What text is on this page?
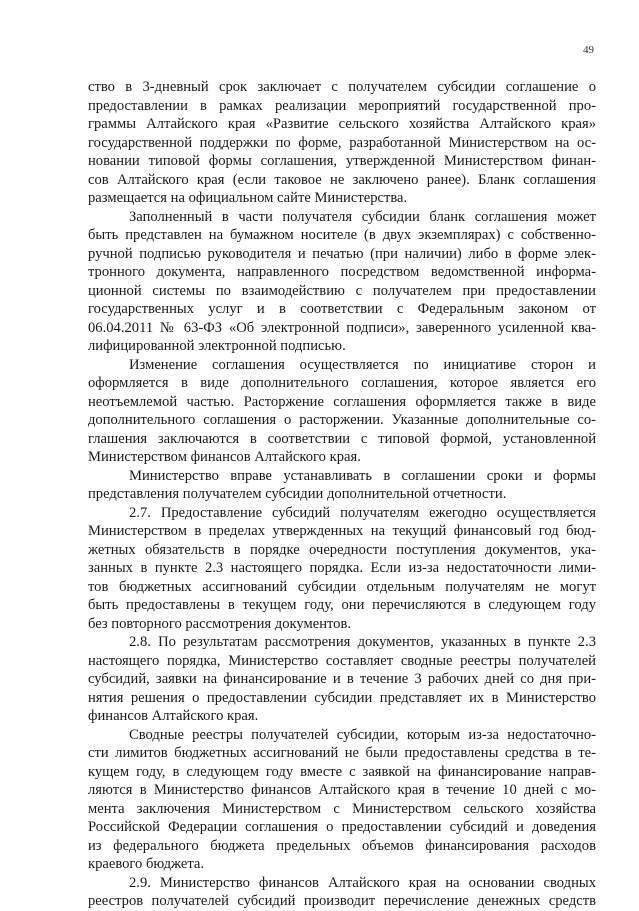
49
ство в 3-дневный срок заключает с получателем субсидии соглашение о
предоставлении в рамках реализации мероприятий государственной про-
граммы Алтайского края «Развитие сельского хозяйства Алтайского края»
государственной поддержки по форме, разработанной Министерством на ос-
новании типовой формы соглашения, утвержденной Министерством финан-
сов Алтайского края (если таковое не заключено ранее). Бланк соглашения
размещается на официальном сайте Министерства.
Заполненный в части получателя субсидии бланк соглашения может
быть представлен на бумажном носителе (в двух экземплярах) с собственно-
ручной подписью руководителя и печатью (при наличии) либо в форме элек-
тронного документа, направленного посредством ведомственной информа-
ционной системы по взаимодействию с получателем при предоставлении
государственных услуг и в соответствии с Федеральным законом от
06.04.2011 № 63-ФЗ «Об электронной подписи», заверенного усиленной ква-
лифицированной электронной подписью.
Изменение соглашения осуществляется по инициативе сторон и
оформляется в виде дополнительного соглашения, которое является его
неотъемлемой частью. Расторжение соглашения оформляется также в виде
дополнительного соглашения о расторжении. Указанные дополнительные со-
глашения заключаются в соответствии с типовой формой, установленной
Министерством финансов Алтайского края.
Министерство вправе устанавливать в соглашении сроки и формы
представления получателем субсидии дополнительной отчетности.
2.7. Предоставление субсидий получателям ежегодно осуществляется
Министерством в пределах утвержденных на текущий финансовый год бюд-
жетных обязательств в порядке очередности поступления документов, ука-
занных в пункте 2.3 настоящего порядка. Если из-за недостаточности лими-
тов бюджетных ассигнований субсидии отдельным получателям не могут
быть предоставлены в текущем году, они перечисляются в следующем году
без повторного рассмотрения документов.
2.8. По результатам рассмотрения документов, указанных в пункте 2.3
настоящего порядка, Министерство составляет сводные реестры получателей
субсидий, заявки на финансирование и в течение 3 рабочих дней со дня при-
нятия решения о предоставлении субсидии представляет их в Министерство
финансов Алтайского края.
Сводные реестры получателей субсидии, которым из-за недостаточно-
сти лимитов бюджетных ассигнований не были предоставлены средства в те-
кущем году, в следующем году вместе с заявкой на финансирование направ-
ляются в Министерство финансов Алтайского края в течение 10 дней с мо-
мента заключения Министерством с Министерством сельского хозяйства
Российской Федерации соглашения о предоставлении субсидий и доведения
из федерального бюджета предельных объемов финансирования расходов
краевого бюджета.
2.9. Министерство финансов Алтайского края на основании сводных
реестров получателей субсидий производит перечисление денежных средств
